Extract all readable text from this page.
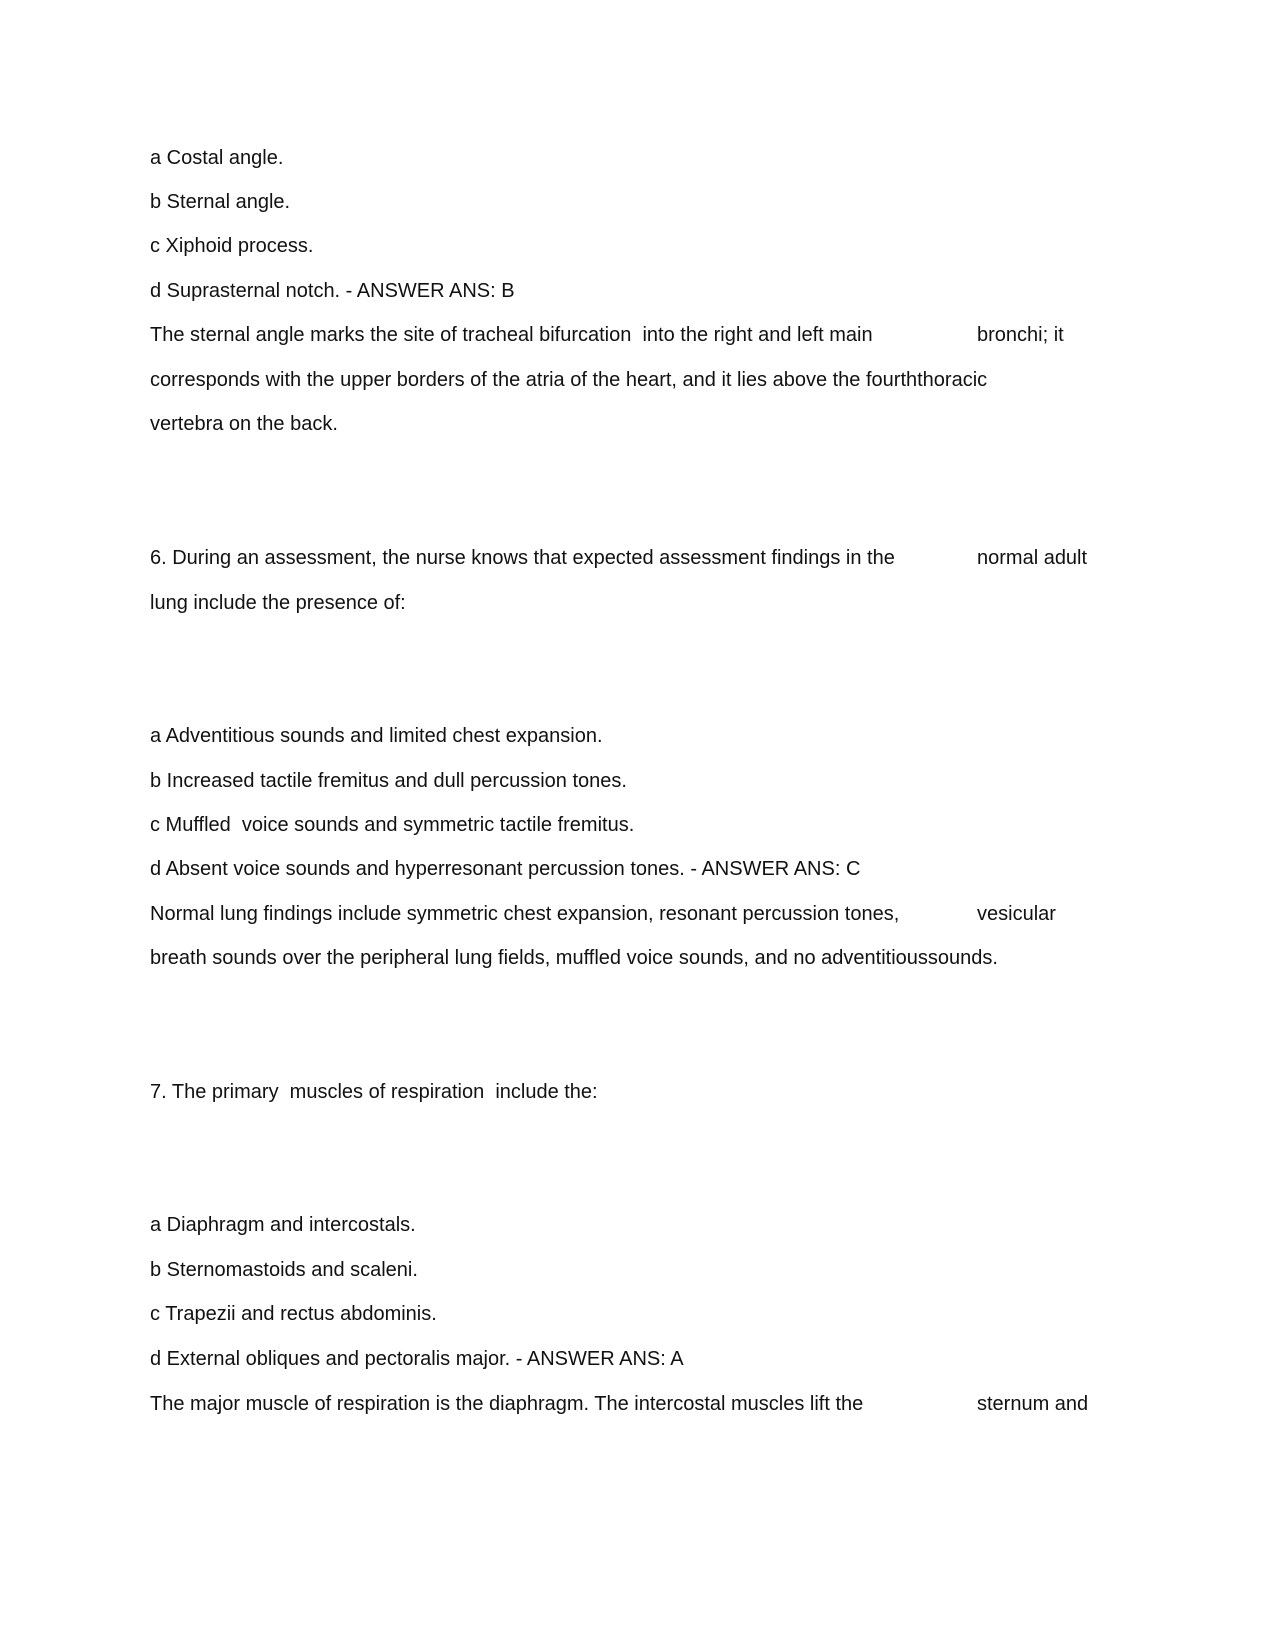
a Costal angle.
b Sternal angle.
c Xiphoid process.
d Suprasternal notch. - ANSWER ANS: B

The sternal angle marks the site of tracheal bifurcation  into the right and left main

	bronchi; it

corresponds with the upper borders of the atria of the heart, and it lies above the fourththoracic
vertebra on the back.

6. During an assessment, the nurse knows that expected assessment findings in the

	normal adult

lung include the presence of:
a Adventitious sounds and limited chest expansion.
b Increased tactile fremitus and dull percussion tones.
c Muffled  voice sounds and symmetric tactile fremitus.
d Absent voice sounds and hyperresonant percussion tones. - ANSWER ANS: C

Normal lung findings include symmetric chest expansion, resonant percussion tones,

	vesicular

breath sounds over the peripheral lung fields, muffled voice sounds, and no adventitioussounds.
7. The primary  muscles of respiration  include the:
a Diaphragm and intercostals.
b Sternomastoids and scaleni.
c Trapezii and rectus abdominis.
d External obliques and pectoralis major. - ANSWER ANS: A

The major muscle of respiration is the diaphragm. The intercostal muscles lift the

	sternum and
